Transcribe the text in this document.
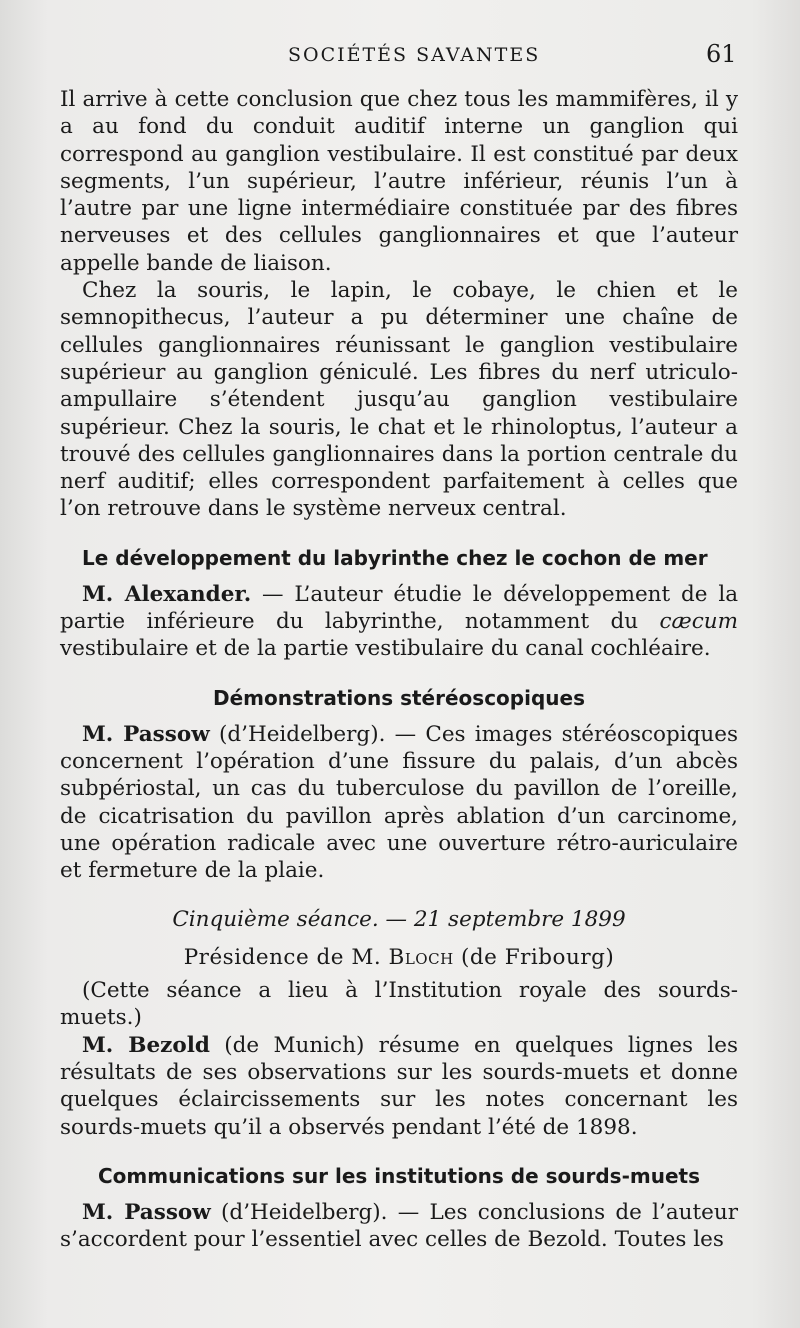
SOCIÉTÉS SAVANTES	61

Il arrive à cette conclusion que chez tous les mammifères, il y a au fond du conduit auditif interne un ganglion qui correspond au ganglion vestibulaire. Il est constitué par deux segments, l’un supérieur, l’autre inférieur, réunis l’un à l’autre par une ligne intermédiaire constituée par des fibres nerveuses et des cellules ganglionnaires et que l’auteur appelle bande de liaison.

Chez la souris, le lapin, le cobaye, le chien et le semnopithecus, l’auteur a pu déterminer une chaîne de cellules ganglionnaires réunissant le ganglion vestibulaire supérieur au ganglion géniculé. Les fibres du nerf utriculo-ampullaire s’étendent jusqu’au ganglion vestibulaire supérieur. Chez la souris, le chat et le rhinoloptus, l’auteur a trouvé des cellules ganglionnaires dans la portion centrale du nerf auditif; elles correspondent parfaitement à celles que l’on retrouve dans le système nerveux central.

Le développement du labyrinthe chez le cochon de mer

M. Alexander. — L’auteur étudie le développement de la partie inférieure du labyrinthe, notamment du cæcum vestibulaire et de la partie vestibulaire du canal cochléaire.

Démonstrations stéréoscopiques

M. Passow (d’Heidelberg). — Ces images stéréoscopiques concernent l’opération d’une fissure du palais, d’un abcès subpériostal, un cas du tuberculose du pavillon de l’oreille, de cicatrisation du pavillon après ablation d’un carcinome, une opération radicale avec une ouverture rétro-auriculaire et fermeture de la plaie.

Cinquième séance. — 21 septembre 1899
Présidence de M. Bloch (de Fribourg)

(Cette séance a lieu à l’Institution royale des sourds-muets.)

M. Bezold (de Munich) résume en quelques lignes les résultats de ses observations sur les sourds-muets et donne quelques éclaircissements sur les notes concernant les sourds-muets qu’il a observés pendant l’été de 1898.

Communications sur les institutions de sourds-muets

M. Passow (d’Heidelberg). — Les conclusions de l’auteur s’accordent pour l’essentiel avec celles de Bezold. Toutes les
